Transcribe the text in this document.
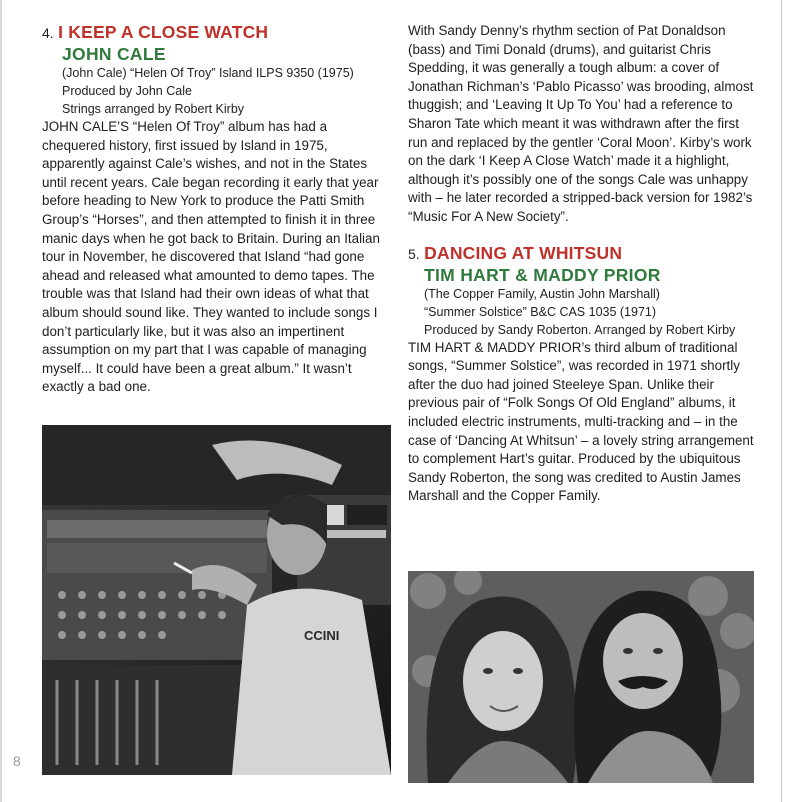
4. I KEEP A CLOSE WATCH
JOHN CALE
(John Cale) “Helen Of Troy” Island ILPS 9350 (1975)
Produced by John Cale
Strings arranged by Robert Kirby

JOHN CALE’S “Helen Of Troy” album has had a chequered history, first issued by Island in 1975, apparently against Cale’s wishes, and not in the States until recent years. Cale began recording it early that year before heading to New York to produce the Patti Smith Group’s “Horses”, and then attempted to finish it in three manic days when he got back to Britain. During an Italian tour in November, he discovered that Island “had gone ahead and released what amounted to demo tapes. The trouble was that Island had their own ideas of what that album should sound like. They wanted to include songs I don’t particularly like, but it was also an impertinent assumption on my part that I was capable of managing myself... It could have been a great album.” It wasn’t exactly a bad one.

CCINI

With Sandy Denny’s rhythm section of Pat Donaldson (bass) and Timi Donald (drums), and guitarist Chris Spedding, it was generally a tough album: a cover of Jonathan Richman’s ‘Pablo Picasso’ was brooding, almost thuggish; and ‘Leaving It Up To You’ had a reference to Sharon Tate which meant it was withdrawn after the first run and replaced by the gentler ‘Coral Moon’. Kirby’s work on the dark ‘I Keep A Close Watch’ made it a highlight, although it’s possibly one of the songs Cale was unhappy with – he later recorded a stripped-back version for 1982’s “Music For A New Society”.

5. DANCING AT WHITSUN
TIM HART & MADDY PRIOR
(The Copper Family, Austin John Marshall)
“Summer Solstice” B&C CAS 1035 (1971)
Produced by Sandy Roberton. Arranged by Robert Kirby

TIM HART & MADDY PRIOR’s third album of traditional songs, “Summer Solstice”, was recorded in 1971 shortly after the duo had joined Steeleye Span. Unlike their previous pair of “Folk Songs Of Old England” albums, it included electric instruments, multi-tracking and – in the case of ‘Dancing At Whitsun’ – a lovely string arrangement to complement Hart’s guitar. Produced by the ubiquitous Sandy Roberton, the song was credited to Austin James Marshall and the Copper Family.

8
